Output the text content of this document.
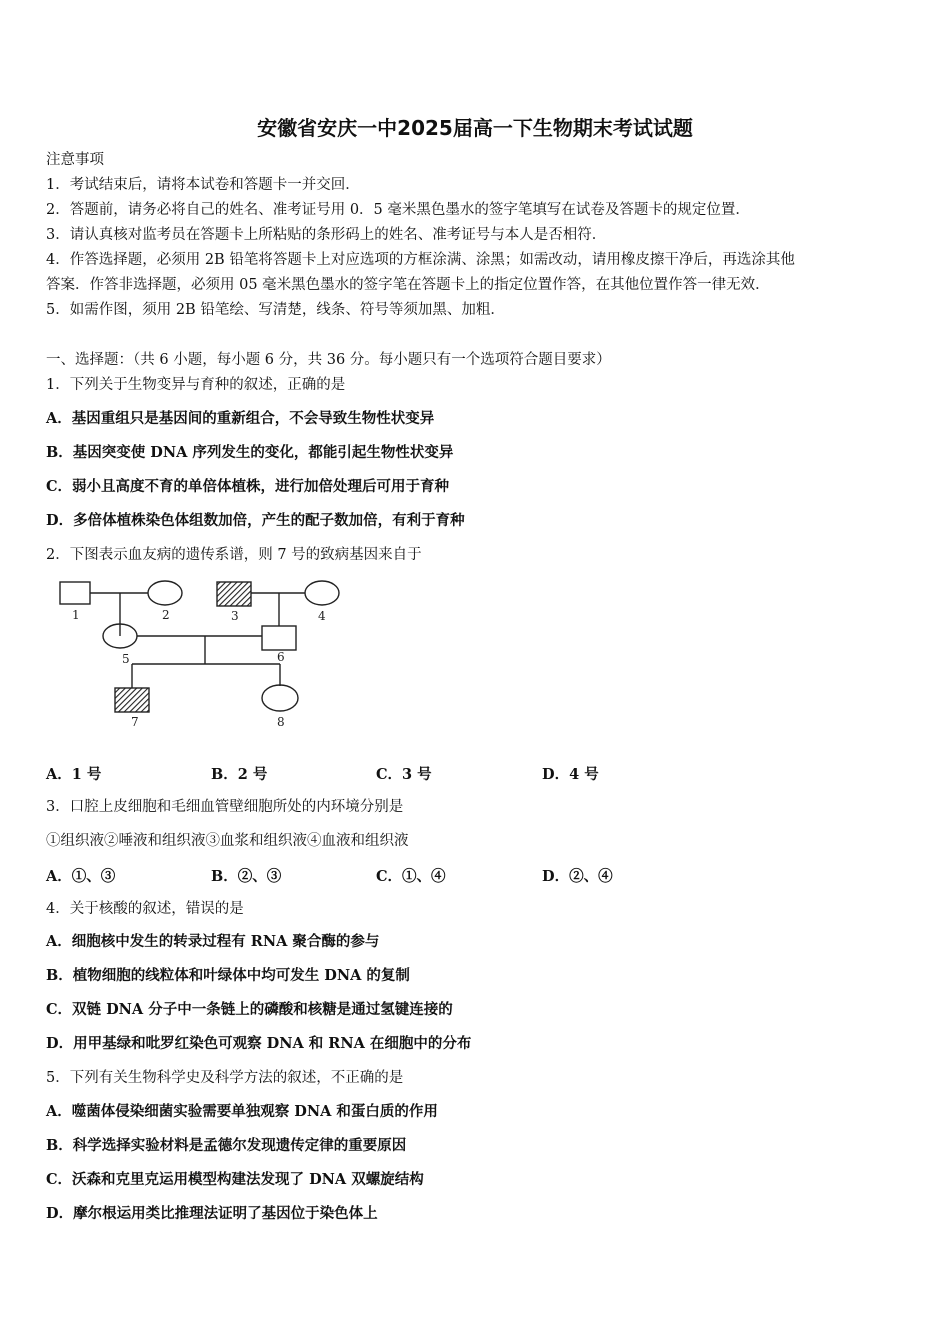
安徽省安庆一中2025届高一下生物期末考试试题
注意事项
1．考试结束后，请将本试卷和答题卡一并交回．
2．答题前，请务必将自己的姓名、准考证号用 0．5 毫米黑色墨水的签字笔填写在试卷及答题卡的规定位置．
3．请认真核对监考员在答题卡上所粘贴的条形码上的姓名、准考证号与本人是否相符．
4．作答选择题，必须用 2B 铅笔将答题卡上对应选项的方框涂满、涂黑；如需改动，请用橡皮擦干净后，再选涂其他
答案．作答非选择题，必须用 05 毫米黑色墨水的签字笔在答题卡上的指定位置作答，在其他位置作答一律无效．
5．如需作图，须用 2B 铅笔绘、写清楚，线条、符号等须加黑、加粗．
一、选择题：（共 6 小题，每小题 6 分，共 36 分。每小题只有一个选项符合题目要求）
1．下列关于生物变异与育种的叙述，正确的是
A．基因重组只是基因间的重新组合，不会导致生物性状变异
B．基因突变使 DNA 序列发生的变化，都能引起生物性状变异
C．弱小且高度不育的单倍体植株，进行加倍处理后可用于育种
D．多倍体植株染色体组数加倍，产生的配子数加倍，有利于育种
2．下图表示血友病的遗传系谱，则 7 号的致病基因来自于
1	2	3	4
5	6
7	8
A．1 号	B．2 号	C．3 号	D．4 号
3．口腔上皮细胞和毛细血管壁细胞所处的内环境分别是
①组织液②唾液和组织液③血浆和组织液④血液和组织液
A．①、③	B．②、③	C．①、④	D．②、④
4．关于核酸的叙述，错误的是
A．细胞核中发生的转录过程有 RNA 聚合酶的参与
B．植物细胞的线粒体和叶绿体中均可发生 DNA 的复制
C．双链 DNA 分子中一条链上的磷酸和核糖是通过氢键连接的
D．用甲基绿和吡罗红染色可观察 DNA 和 RNA 在细胞中的分布
5．下列有关生物科学史及科学方法的叙述，不正确的是
A．噬菌体侵染细菌实验需要单独观察 DNA 和蛋白质的作用
B．科学选择实验材料是孟德尔发现遗传定律的重要原因
C．沃森和克里克运用模型构建法发现了 DNA 双螺旋结构
D．摩尔根运用类比推理法证明了基因位于染色体上
